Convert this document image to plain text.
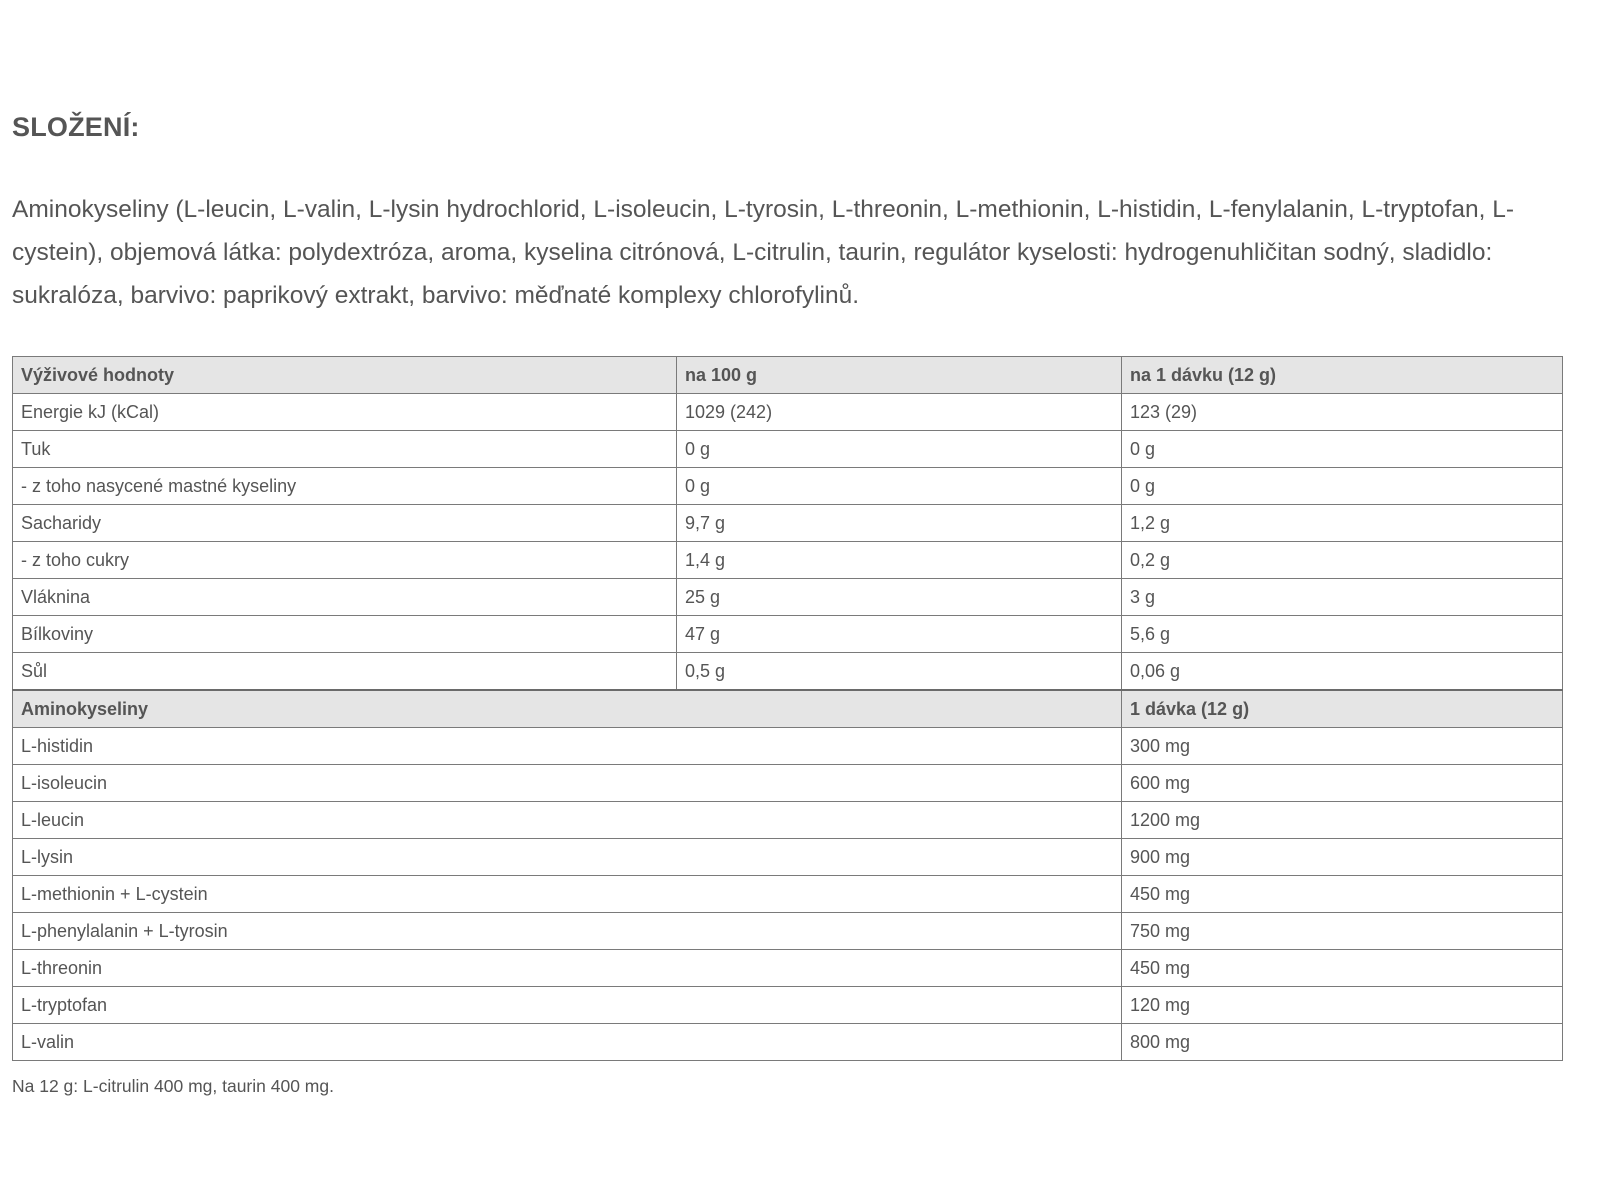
SLOŽENÍ:

Aminokyseliny (L-leucin, L-valin, L-lysin hydrochlorid, L-isoleucin, L-tyrosin, L-threonin, L-methionin, L-histidin, L-fenylalanin, L-tryptofan, L-cystein), objemová látka: polydextróza, aroma, kyselina citrónová, L-citrulin, taurin, regulátor kyselosti: hydrogenuhličitan sodný, sladidlo: sukralóza, barvivo: paprikový extrakt, barvivo: měďnaté komplexy chlorofylinů.

Výživové hodnoty	na 100 g	na 1 dávku (12 g)
Energie kJ (kCal)	1029 (242)	123 (29)
Tuk	0 g	0 g
- z toho nasycené mastné kyseliny	0 g	0 g
Sacharidy	9,7 g	1,2 g
- z toho cukry	1,4 g	0,2 g
Vláknina	25 g	3 g
Bílkoviny	47 g	5,6 g
Sůl	0,5 g	0,06 g
Aminokyseliny		1 dávka (12 g)
L-histidin		300 mg
L-isoleucin		600 mg
L-leucin		1200 mg
L-lysin		900 mg
L-methionin + L-cystein		450 mg
L-phenylalanin + L-tyrosin		750 mg
L-threonin		450 mg
L-tryptofan		120 mg
L-valin		800 mg

Na 12 g: L-citrulin 400 mg, taurin 400 mg.
